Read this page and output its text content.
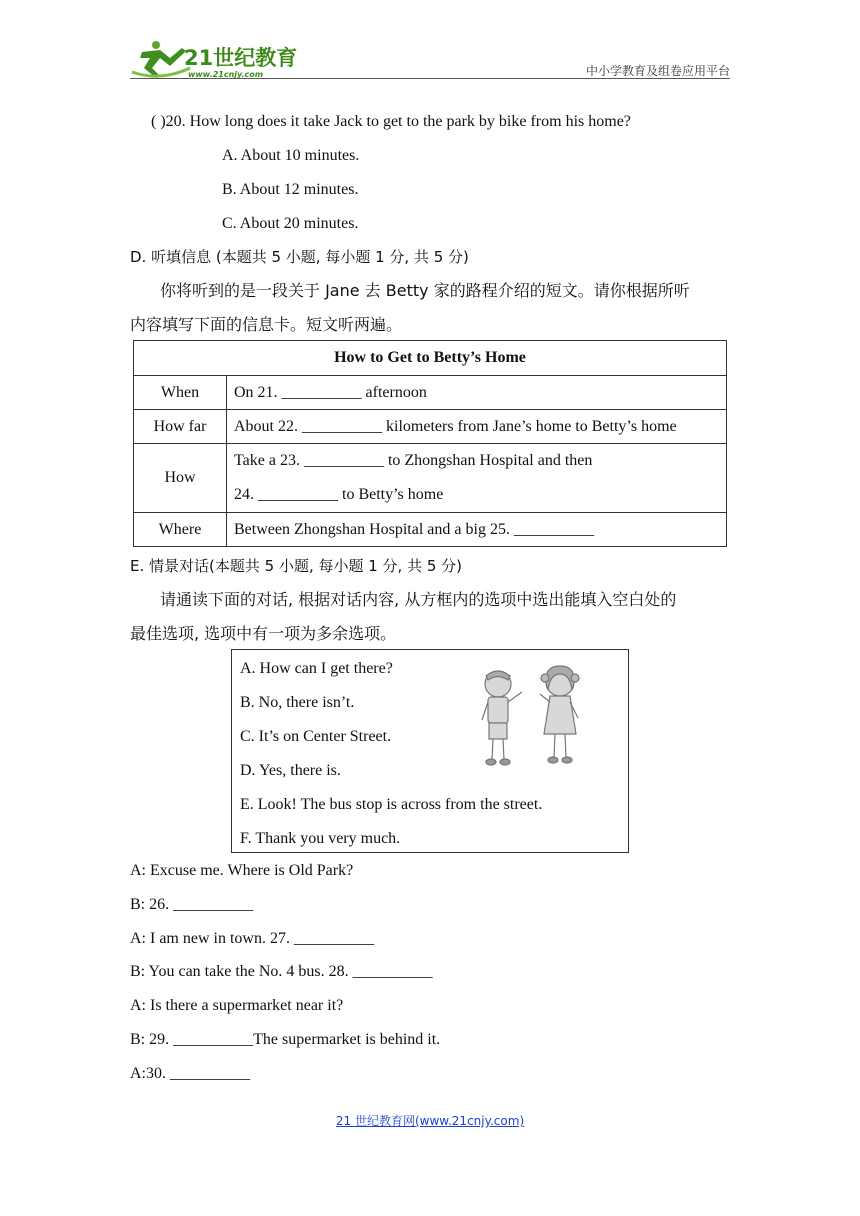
21世纪教育
www.21cnjy.com	中小学教育及组卷应用平台
( )20. How long does it take Jack to get to the park by bike from his home?
A. About 10 minutes.
B. About 12 minutes.
C. About 20 minutes.
D. 听填信息 (本题共 5 小题, 每小题 1 分, 共 5 分)
你将听到的是一段关于 Jane 去 Betty 家的路程介绍的短文。请你根据所听
内容填写下面的信息卡。短文听两遍。
How to Get to Betty’s Home	
When	On 21. __________ afternoon
How far	About 22. __________ kilometers from Jane’s home to Betty’s home
How	Take a 23. __________ to Zhongshan Hospital and then
24. __________ to Betty’s home

Where	Between Zhongshan Hospital and a big 25. __________
E. 情景对话(本题共 5 小题, 每小题 1 分, 共 5 分)
请通读下面的对话, 根据对话内容, 从方框内的选项中选出能填入空白处的
最佳选项, 选项中有一项为多余选项。
A. How can I get there?
B. No, there isn’t.
C. It’s on Center Street.
D. Yes, there is.
E. Look! The bus stop is across from the street.
F. Thank you very much.
A: Excuse me. Where is Old Park?
B: 26. __________
A: I am new in town. 27. __________
B: You can take the No. 4 bus. 28. __________
A: Is there a supermarket near it?
B: 29. __________The supermarket is behind it.
A:30. __________
21 世纪教育网(www.21cnjy.com)
